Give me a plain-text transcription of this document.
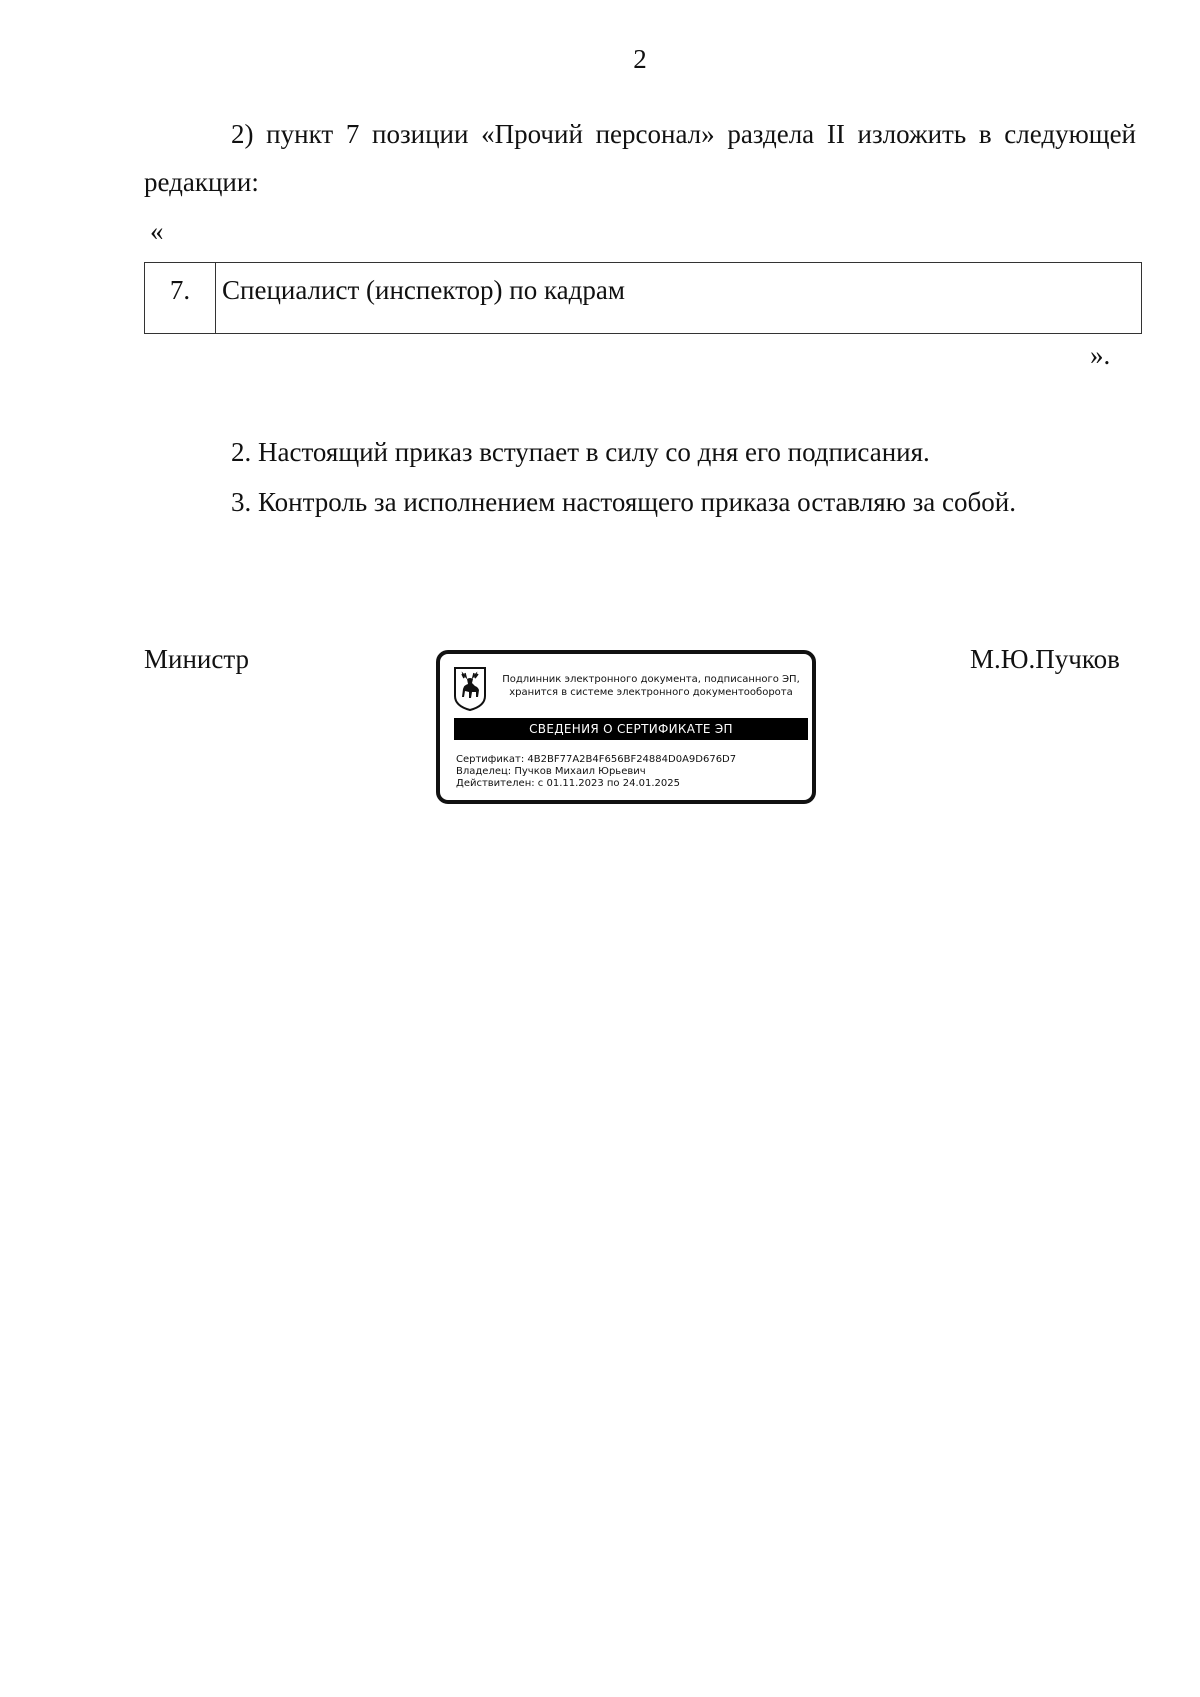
2
2) пункт 7 позиции «Прочий персонал» раздела II изложить в следующей редакции:
«
7.	Специалист (инспектор) по кадрам
».
2. Настоящий приказ вступает в силу со дня его подписания.
3. Контроль за исполнением настоящего приказа оставляю за собой.
Министр	М.Ю.Пучков
Подлинник электронного документа, подписанного ЭП,
хранится в системе электронного документооборота
СВЕДЕНИЯ О СЕРТИФИКАТЕ ЭП
Сертификат: 4B2BF77A2B4F656BF24884D0A9D676D7
Владелец: Пучков Михаил Юрьевич
Действителен: с 01.11.2023 по 24.01.2025
